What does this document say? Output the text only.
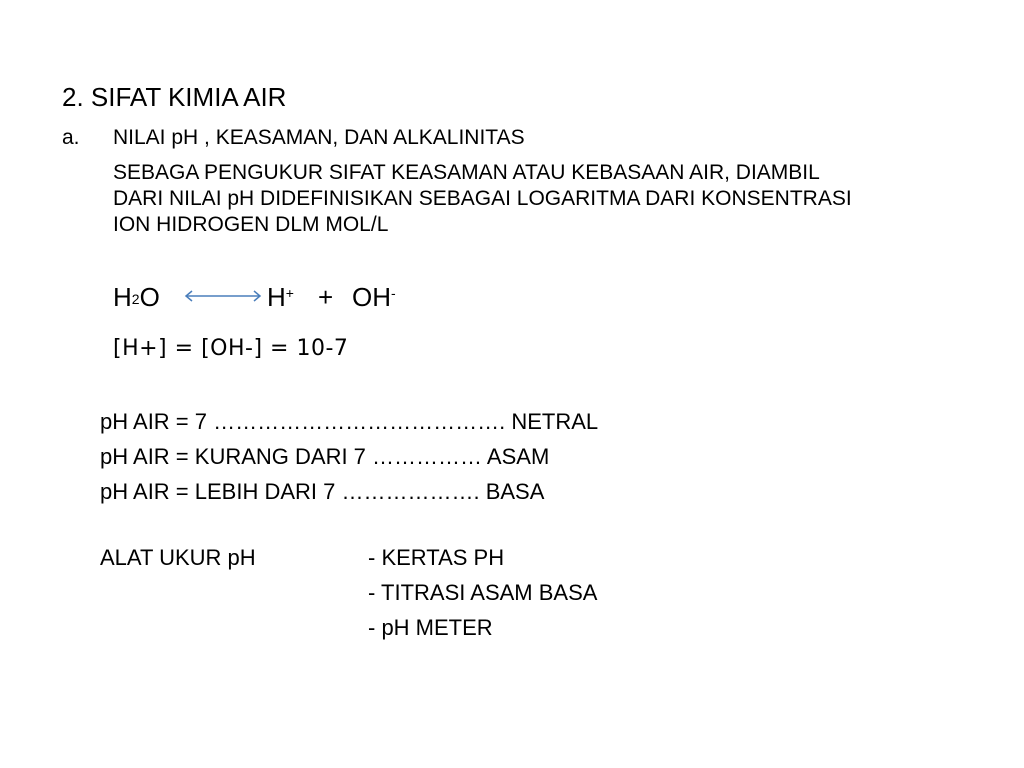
2. SIFAT KIMIA AIR
a. NILAI pH , KEASAMAN, DAN ALKALINITAS
SEBAGA PENGUKUR SIFAT KEASAMAN ATAU KEBASAAN AIR, DIAMBIL
DARI NILAI pH DIDEFINISIKAN SEBAGAI LOGARITMA DARI KONSENTRASI
ION HIDROGEN DLM MOL/L
$H_2O$	H+ + OH-
[H+] = [OH-] = 10-7
pH AIR = 7 …………………………………. NETRAL
pH AIR = KURANG DARI 7 …………… ASAM
pH AIR = LEBIH DARI 7 ………………. BASA
ALAT UKUR pH	- KERTAS PH
- TITRASI ASAM BASA
- pH METER
